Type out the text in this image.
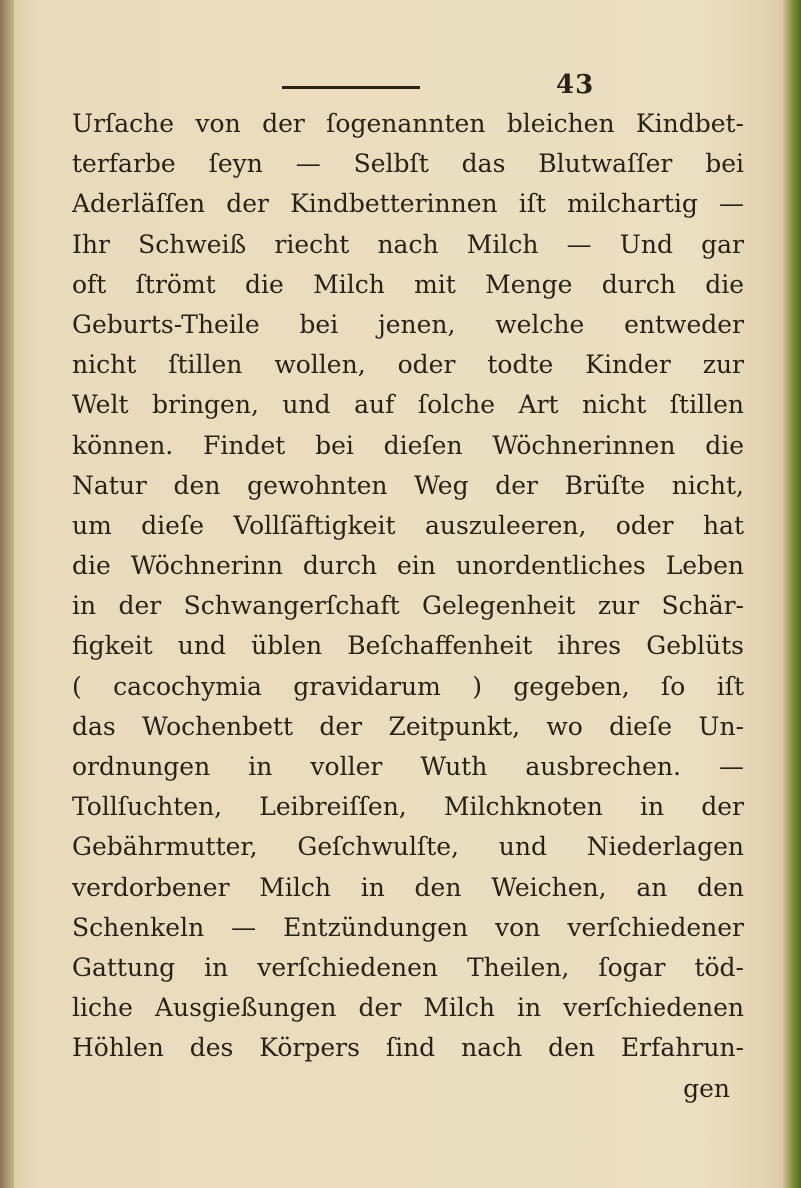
43
Urſache von der ſogenannten bleichen Kindbet-
terfarbe ſeyn — Selbſt das Blutwaſſer bei
Aderläſſen der Kindbetterinnen iſt milchartig —
Ihr Schweiß riecht nach Milch — Und gar
oft ſtrömt die Milch mit Menge durch die
Geburts-Theile bei jenen, welche entweder
nicht ſtillen wollen, oder todte Kinder zur
Welt bringen, und auf ſolche Art nicht ſtillen
können. Findet bei dieſen Wöchnerinnen die
Natur den gewohnten Weg der Brüſte nicht,
um dieſe Vollſäftigkeit auszuleeren, oder hat
die Wöchnerinn durch ein unordentliches Leben
in der Schwangerſchaft Gelegenheit zur Schär-
figkeit und üblen Beſchaffenheit ihres Geblüts
( cacochymia gravidarum ) gegeben, ſo iſt
das Wochenbett der Zeitpunkt, wo dieſe Un-
ordnungen in voller Wuth ausbrechen. —
Tollſuchten, Leibreiſſen, Milchknoten in der
Gebährmutter, Geſchwulſte, und Niederlagen
verdorbener Milch in den Weichen, an den
Schenkeln — Entzündungen von verſchiedener
Gattung in verſchiedenen Theilen, ſogar töd-
liche Ausgießungen der Milch in verſchiedenen
Höhlen des Körpers ſind nach den Erfahrun-
gen
